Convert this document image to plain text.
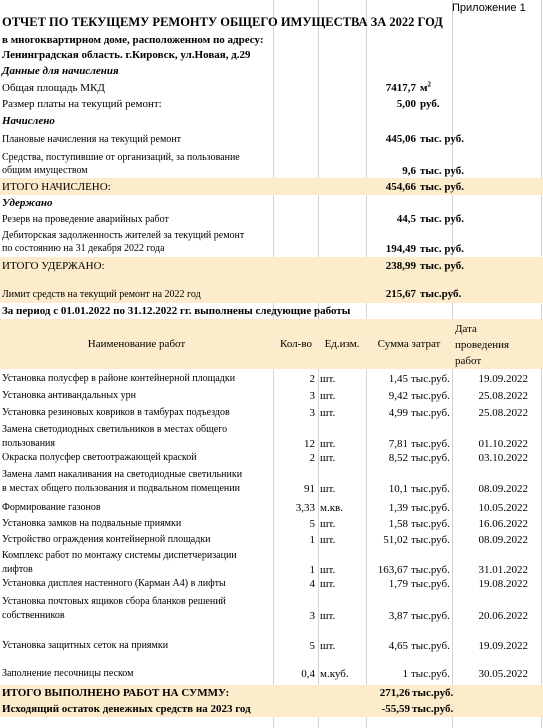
Приложение 1
ОТЧЕТ ПО ТЕКУЩЕМУ РЕМОНТУ ОБЩЕГО ИМУЩЕСТВА ЗА 2022 ГОД
в многоквартирном доме, расположенном по адресу:
Ленинградская область. г.Кировск, ул.Новая, д.29
Данные для начисления
Общая площадь МКД	7417,7 $м^2$
Размер платы на текущий ремонт:	5,00 руб.
Начислено
Плановые начисления на текущий ремонт	445,06 тыс. руб.
Средства, поступившие от организаций, за пользование
общим имуществом	9,6 тыс. руб.
ИТОГО НАЧИСЛЕНО:	454,66 тыс. руб.
Удержано
Резерв на проведение аварийных работ	44,5 тыс. руб.
Дебиторская задолженность жителей за текущий ремонт
по состоянию на 31 декабря 2022 года	194,49 тыс. руб.
ИТОГО УДЕРЖАНО:	238,99 тыс. руб.
Лимит средств на текущий ремонт на 2022 год	215,67 тыс.руб.
За период с 01.01.2022 по 31.12.2022 гг. выполнены следующие работы
Наименование работ	Кол-во	Ед.изм.	Сумма затрат
Дата
проведения
работ
Установка полусфер в районе контейнерной площадки	2 шт.	1,45 тыс.руб.	19.09.2022
Установка антивандальных урн	3 шт.	9,42 тыс.руб.	25.08.2022
Установка резиновых ковриков в тамбурах подъездов	3 шт.	4,99 тыс.руб.	25.08.2022
Замена светодиодных светильников в местах общего
пользования	12 шт.	7,81 тыс.руб.	01.10.2022
Окраска полусфер светоотражающей краской	2 шт.	8,52 тыс.руб.	03.10.2022
Замена ламп накаливания на светодиодные светильники
в местах общего пользования и подвальном помещении	91 шт.	10,1 тыс.руб.	08.09.2022
Формирование газонов	3,33 м.кв.	1,39 тыс.руб.	10.05.2022
Установка замков на подвальные приямки	5 шт.	1,58 тыс.руб.	16.06.2022
Устройство ограждения контейнерной площадки	1 шт.	51,02 тыс.руб.	08.09.2022
Комплекс работ по монтажу системы диспетчеризации
лифтов	1 шт.	163,67 тыс.руб.	31.01.2022
Установка дисплея настенного (Карман А4) в лифты	4 шт.	1,79 тыс.руб.	19.08.2022
Установка почтовых ящиков сбора бланков решений
собственников	3 шт.	3,87 тыс.руб.	20.06.2022
Установка защитных сеток на приямки	5 шт.	4,65 тыс.руб.	19.09.2022
Заполнение песочницы песком	0,4 м.куб.	1 тыс.руб.	30.05.2022
ИТОГО ВЫПОЛНЕНО РАБОТ НА СУММУ:	271,26 тыс.руб.
Исходящий остаток денежных средств на 2023 год	-55,59 тыс.руб.
